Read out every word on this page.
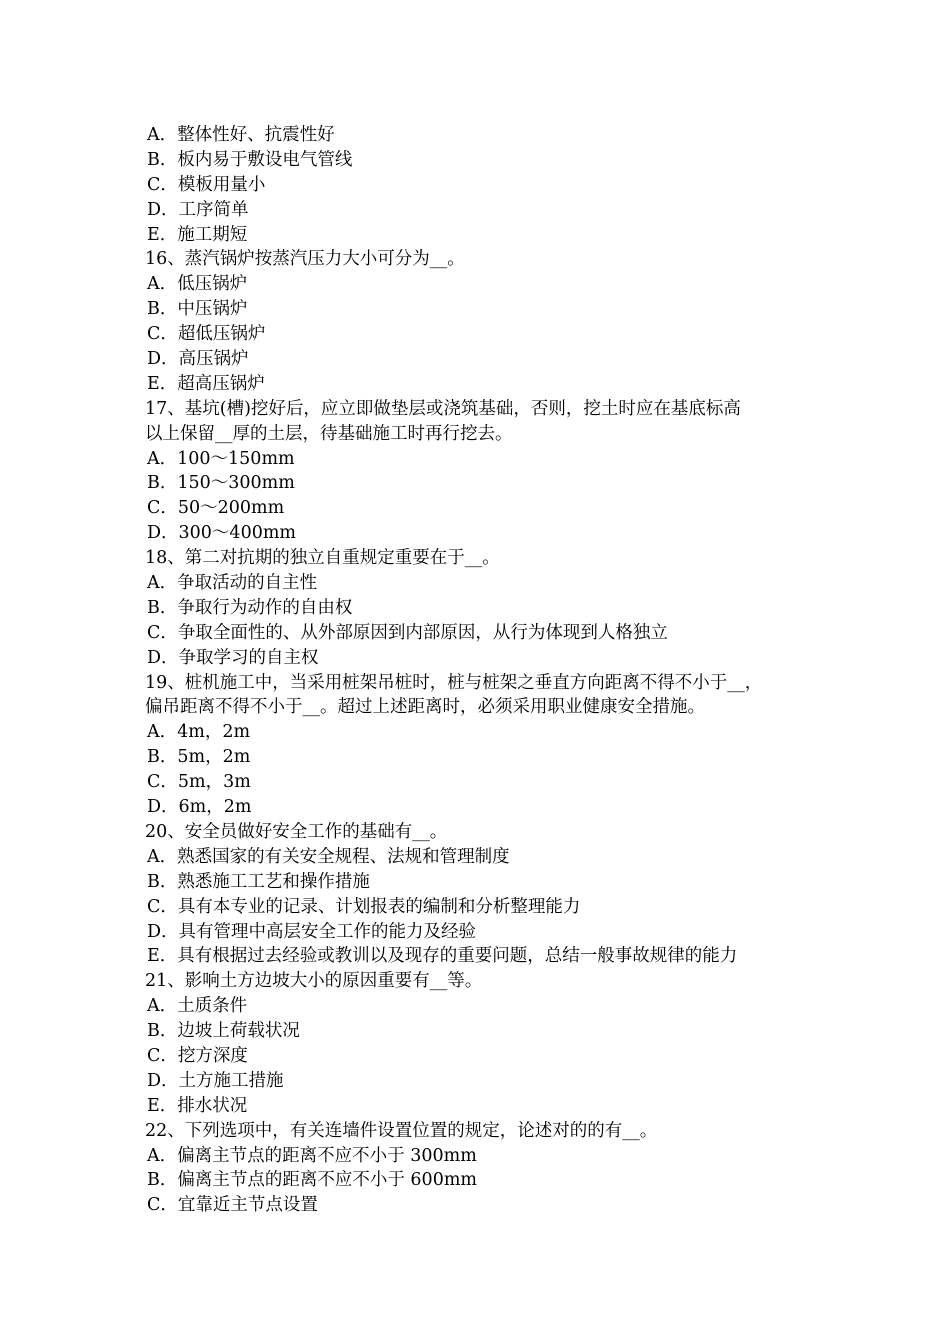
A．整体性好、抗震性好
B．板内易于敷设电气管线
C．模板用量小
D．工序简单
E．施工期短
16、蒸汽锅炉按蒸汽压力大小可分为__。
A．低压锅炉
B．中压锅炉
C．超低压锅炉
D．高压锅炉
E．超高压锅炉
17、基坑(槽)挖好后，应立即做垫层或浇筑基础，否则，挖土时应在基底标高
以上保留__厚的土层，待基础施工时再行挖去。
A．100～150mm
B．150～300mm
C．50～200mm
D．300～400mm
18、第二对抗期的独立自重规定重要在于__。
A．争取活动的自主性
B．争取行为动作的自由权
C．争取全面性的、从外部原因到内部原因，从行为体现到人格独立
D．争取学习的自主权
19、桩机施工中，当采用桩架吊桩时，桩与桩架之垂直方向距离不得不小于__，
偏吊距离不得不小于__。超过上述距离时，必须采用职业健康安全措施。
A．4m，2m
B．5m，2m
C．5m，3m
D．6m，2m
20、安全员做好安全工作的基础有__。
A．熟悉国家的有关安全规程、法规和管理制度
B．熟悉施工工艺和操作措施
C．具有本专业的记录、计划报表的编制和分析整理能力
D．具有管理中高层安全工作的能力及经验
E．具有根据过去经验或教训以及现存的重要问题，总结一般事故规律的能力
21、影响土方边坡大小的原因重要有__等。
A．土质条件
B．边坡上荷载状况
C．挖方深度
D．土方施工措施
E．排水状况
22、下列选项中，有关连墙件设置位置的规定，论述对的的有__。
A．偏离主节点的距离不应不小于 300mm
B．偏离主节点的距离不应不小于 600mm
C．宜靠近主节点设置
